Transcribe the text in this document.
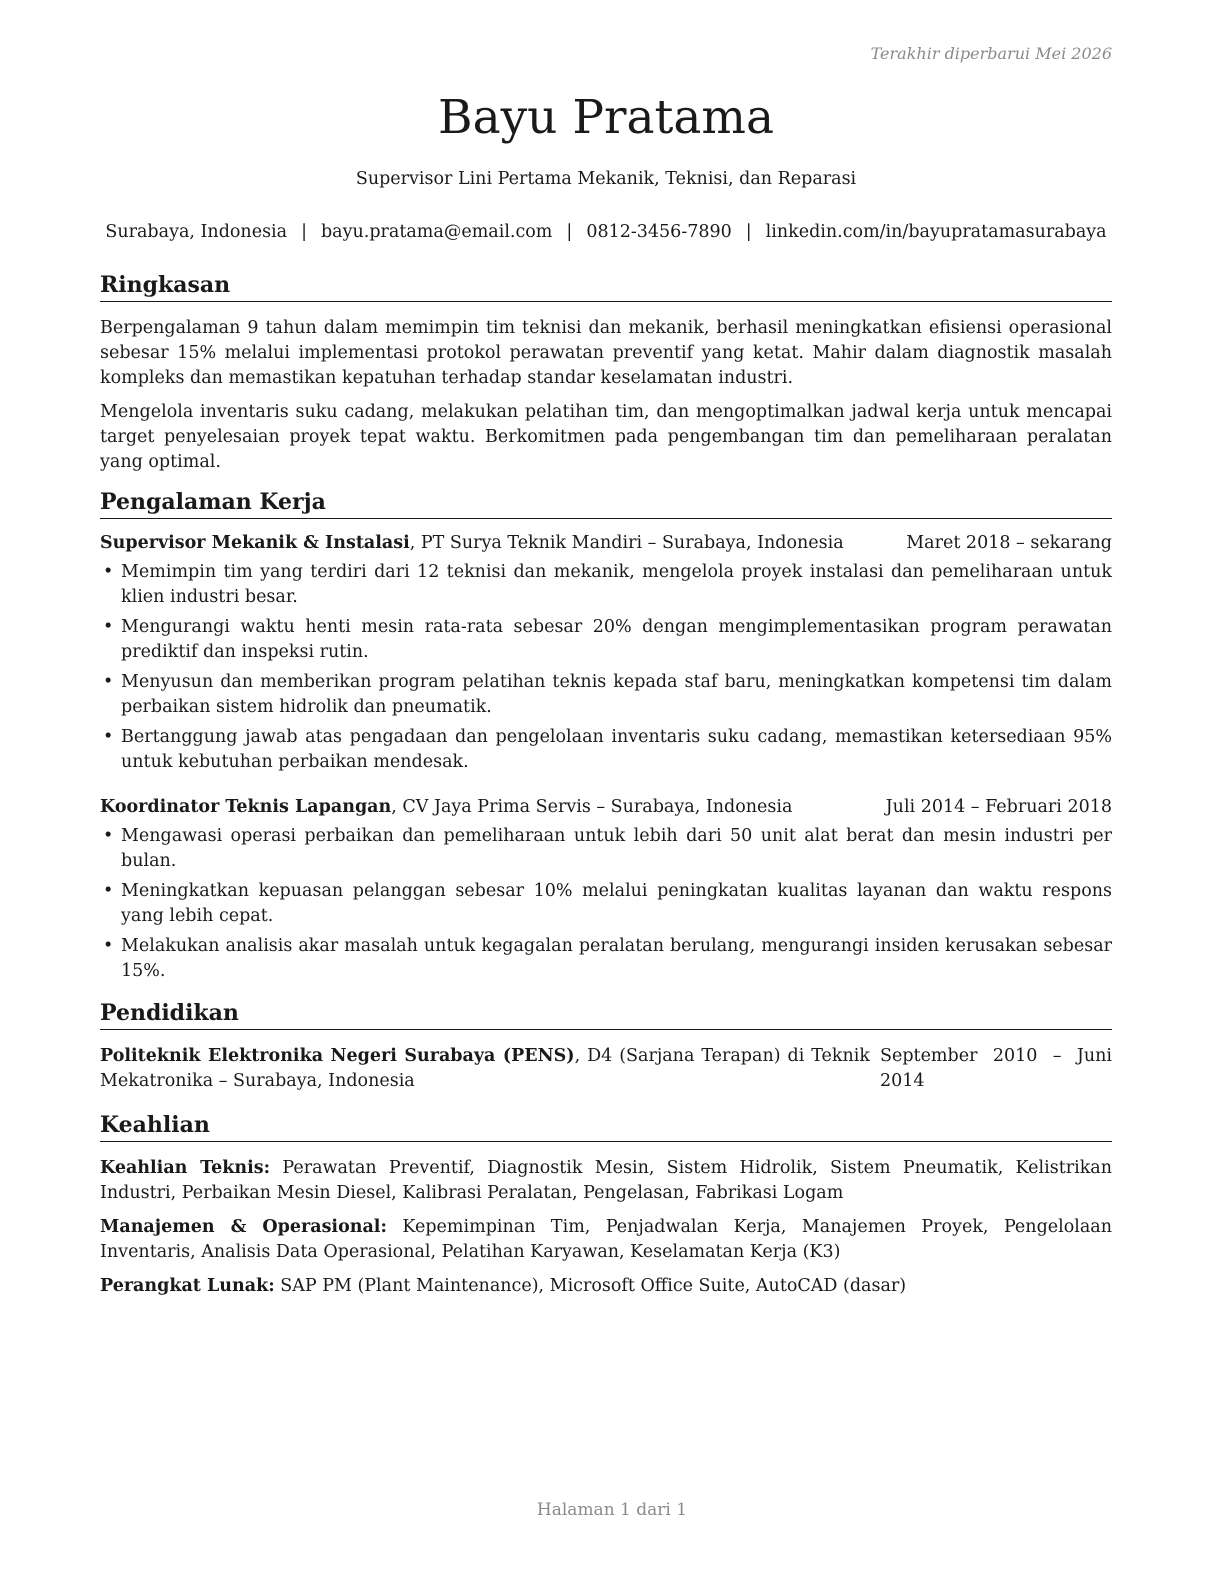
Terakhir diperbarui Mei 2026
Bayu Pratama
Supervisor Lini Pertama Mekanik, Teknisi, dan Reparasi
Surabaya, Indonesia | bayu.pratama@email.com | 0812-3456-7890 | linkedin.com/in/bayupratamasurabaya
Ringkasan

Berpengalaman 9 tahun dalam memimpin tim teknisi dan mekanik, berhasil meningkatkan efisiensi operasional sebesar 15% melalui implementasi protokol perawatan preventif yang ketat. Mahir dalam diagnostik masalah kompleks dan memastikan kepatuhan terhadap standar keselamatan industri.

Mengelola inventaris suku cadang, melakukan pelatihan tim, dan mengoptimalkan jadwal kerja untuk mencapai target penyelesaian proyek tepat waktu. Berkomitmen pada pengembangan tim dan pemeliharaan peralatan yang optimal.

Pengalaman Kerja
Supervisor Mekanik & Instalasi, PT Surya Teknik Mandiri – Surabaya, Indonesia	Maret 2018 – sekarang
• Memimpin tim yang terdiri dari 12 teknisi dan mekanik, mengelola proyek instalasi dan pemeliharaan untuk klien industri besar.
• Mengurangi waktu henti mesin rata-rata sebesar 20% dengan mengimplementasikan program perawatan prediktif dan inspeksi rutin.
• Menyusun dan memberikan program pelatihan teknis kepada staf baru, meningkatkan kompetensi tim dalam perbaikan sistem hidrolik dan pneumatik.
• Bertanggung jawab atas pengadaan dan pengelolaan inventaris suku cadang, memastikan ketersediaan 95% untuk kebutuhan perbaikan mendesak.
Koordinator Teknis Lapangan, CV Jaya Prima Servis – Surabaya, Indonesia	Juli 2014 – Februari 2018
• Mengawasi operasi perbaikan dan pemeliharaan untuk lebih dari 50 unit alat berat dan mesin industri per bulan.
• Meningkatkan kepuasan pelanggan sebesar 10% melalui peningkatan kualitas layanan dan waktu respons yang lebih cepat.
• Melakukan analisis akar masalah untuk kegagalan peralatan berulang, mengurangi insiden kerusakan sebesar 15%.
Pendidikan
Politeknik Elektronika Negeri Surabaya (PENS), D4 (Sarjana Terapan) di Teknik Mekatronika – Surabaya, Indonesia
September 2010 – Juni 2014
Keahlian

Keahlian Teknis: Perawatan Preventif, Diagnostik Mesin, Sistem Hidrolik, Sistem Pneumatik, Kelistrikan Industri, Perbaikan Mesin Diesel, Kalibrasi Peralatan, Pengelasan, Fabrikasi Logam

Manajemen & Operasional: Kepemimpinan Tim, Penjadwalan Kerja, Manajemen Proyek, Pengelolaan Inventaris, Analisis Data Operasional, Pelatihan Karyawan, Keselamatan Kerja (K3)

Perangkat Lunak: SAP PM (Plant Maintenance), Microsoft Office Suite, AutoCAD (dasar)

Halaman 1 dari 1
